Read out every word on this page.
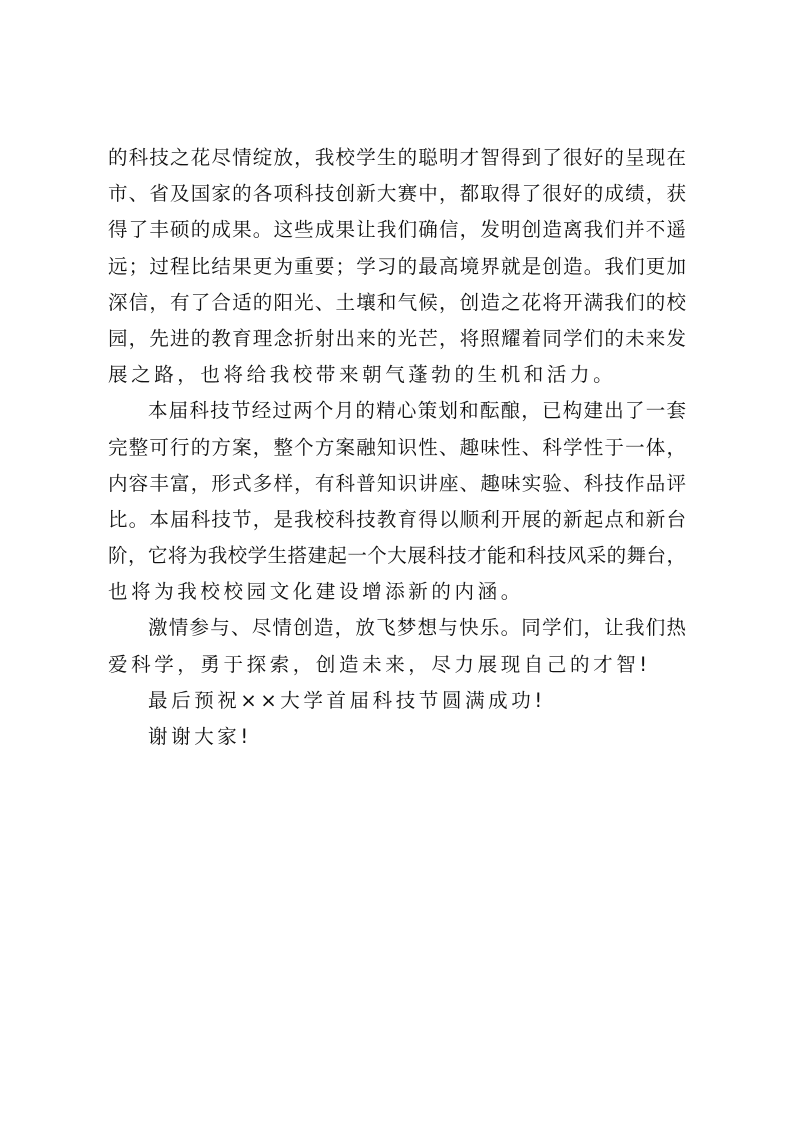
的科技之花尽情绽放，我校学生的聪明才智得到了很好的呈现在
市、省及国家的各项科技创新大赛中，都取得了很好的成绩，获
得了丰硕的成果。这些成果让我们确信，发明创造离我们并不遥
远；过程比结果更为重要；学习的最高境界就是创造。我们更加
深信，有了合适的阳光、土壤和气候，创造之花将开满我们的校
园，先进的教育理念折射出来的光芒，将照耀着同学们的未来发
展之路，也将给我校带来朝气蓬勃的生机和活力。
本届科技节经过两个月的精心策划和酝酿，已构建出了一套
完整可行的方案，整个方案融知识性、趣味性、科学性于一体，
内容丰富，形式多样，有科普知识讲座、趣味实验、科技作品评
比。本届科技节，是我校科技教育得以顺利开展的新起点和新台
阶，它将为我校学生搭建起一个大展科技才能和科技风采的舞台，
也将为我校校园文化建设增添新的内涵。
激情参与、尽情创造，放飞梦想与快乐。同学们，让我们热
爱科学，勇于探索，创造未来，尽力展现自己的才智!
最后预祝××大学首届科技节圆满成功!
谢谢大家!
